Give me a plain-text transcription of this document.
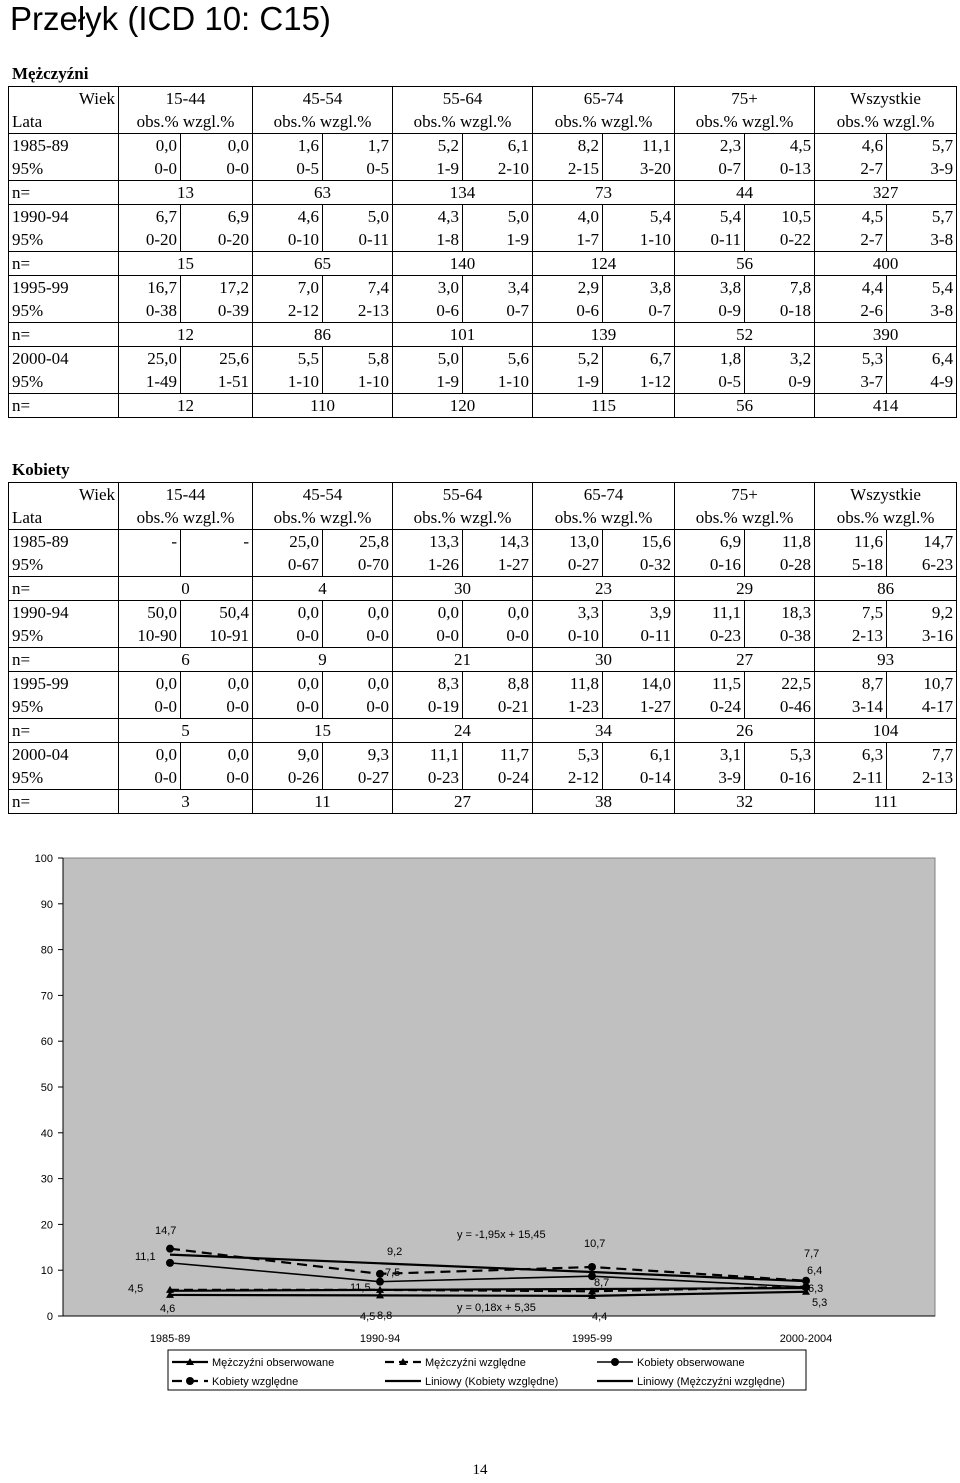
Przełyk (ICD 10: C15)
Mężczyźni
Wiek	15-44		45-54		55-64		65-74		75+		Wszystkie	
Lata	obs.% wzgl.%		obs.% wzgl.%		obs.% wzgl.%		obs.% wzgl.%		obs.% wzgl.%		obs.% wzgl.%	
1985-89	0,0	0,0	1,6	1,7	5,2	6,1	8,2	11,1	2,3	4,5	4,6	5,7
95%	0-0	0-0	0-5	0-5	1-9	2-10	2-15	3-20	0-7	0-13	2-7	3-9
n=	13		63		134		73		44		327	
1990-94	6,7	6,9	4,6	5,0	4,3	5,0	4,0	5,4	5,4	10,5	4,5	5,7
95%	0-20	0-20	0-10	0-11	1-8	1-9	1-7	1-10	0-11	0-22	2-7	3-8
n=	15		65		140		124		56		400	
1995-99	16,7	17,2	7,0	7,4	3,0	3,4	2,9	3,8	3,8	7,8	4,4	5,4
95%	0-38	0-39	2-12	2-13	0-6	0-7	0-6	0-7	0-9	0-18	2-6	3-8
n=	12		86		101		139		52		390	
2000-04	25,0	25,6	5,5	5,8	5,0	5,6	5,2	6,7	1,8	3,2	5,3	6,4
95%	1-49	1-51	1-10	1-10	1-9	1-10	1-9	1-12	0-5	0-9	3-7	4-9
n=	12		110		120		115		56		414	
Kobiety
Wiek	15-44		45-54		55-64		65-74		75+		Wszystkie	
Lata	obs.% wzgl.%		obs.% wzgl.%		obs.% wzgl.%		obs.% wzgl.%		obs.% wzgl.%		obs.% wzgl.%	
1985-89	-	-	25,0	25,8	13,3	14,3	13,0	15,6	6,9	11,8	11,6	14,7
95%			0-67	0-70	1-26	1-27	0-27	0-32	0-16	0-28	5-18	6-23
n=	0		4		30		23		29		86	
1990-94	50,0	50,4	0,0	0,0	0,0	0,0	3,3	3,9	11,1	18,3	7,5	9,2
95%	10-90	10-91	0-0	0-0	0-0	0-0	0-10	0-11	0-23	0-38	2-13	3-16
n=	6		9		21		30		27		93	
1995-99	0,0	0,0	0,0	0,0	8,3	8,8	11,8	14,0	11,5	22,5	8,7	10,7
95%	0-0	0-0	0-0	0-0	0-19	0-21	1-23	1-27	0-24	0-46	3-14	4-17
n=	5		15		24		34		26		104	
2000-04	0,0	0,0	9,0	9,3	11,1	11,7	5,3	6,1	3,1	5,3	6,3	7,7
95%	0-0	0-0	0-26	0-27	0-23	0-24	2-12	0-14	3-9	0-16	2-11	2-13
n=	3		11		27		38		32		111	
0
10
20
30
40
50
60
70
80
90
100
1985-89	1990-94	1995-99	2000-2004
4,6
4,5	4,4
5,3
11,1
7,5
8,7	6,3
14,7
9,2
10,7
7,7
4,5	11,5
8,8
6,4
y = -1,95x + 15,45
y = 0,18x + 5,35
Mężczyźni obserwowane	Mężczyźni względne	Kobiety obserwowane
Kobiety względne	Liniowy (Kobiety względne)	Liniowy (Mężczyźni względne)
14
